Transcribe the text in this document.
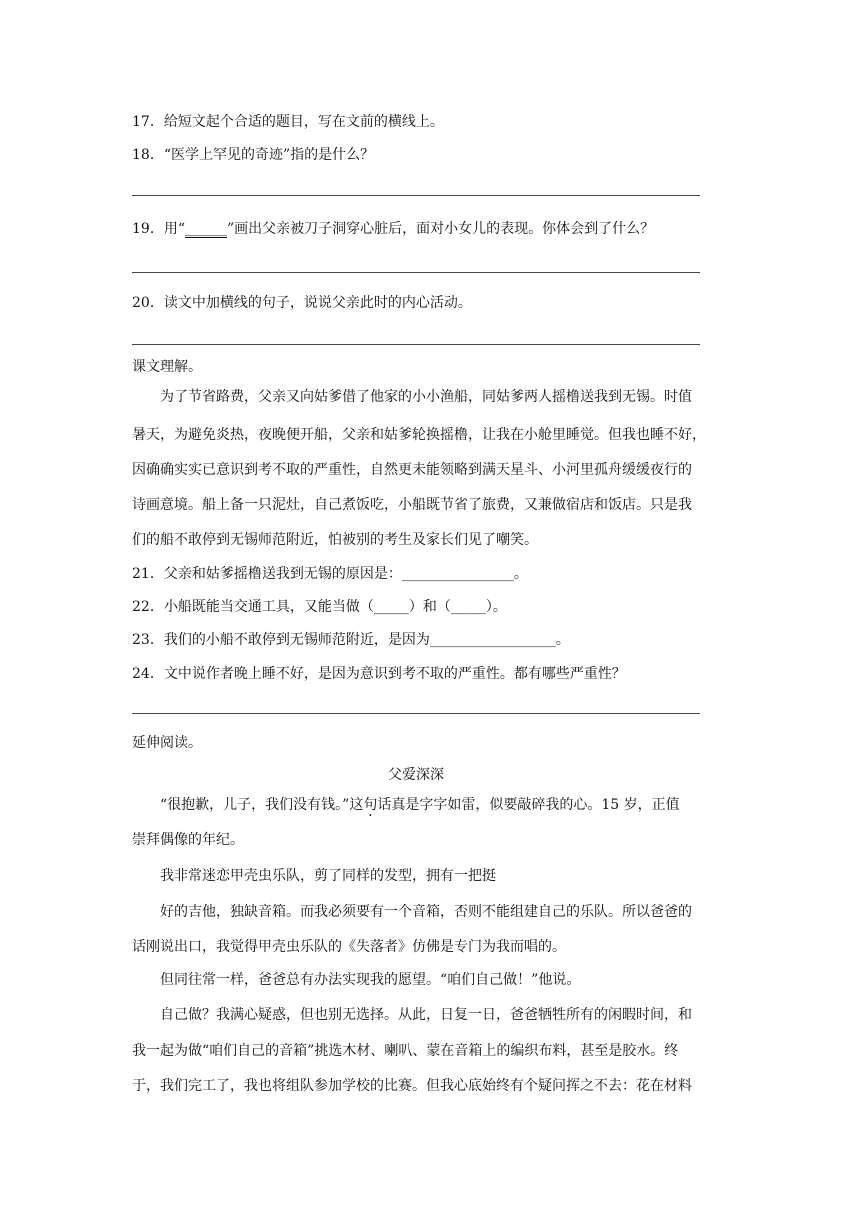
17．给短文起个合适的题目，写在文前的横线上。
18．“医学上罕见的奇迹”指的是什么？
19．用“______”画出父亲被刀子洞穿心脏后，面对小女儿的表现。你体会到了什么？
20．读文中加横线的句子，说说父亲此时的内心活动。
课文理解。
为了节省路费，父亲又向姑爹借了他家的小小渔船，同姑爹两人摇橹送我到无锡。时值
暑天，为避免炎热，夜晚便开船，父亲和姑爹轮换摇橹，让我在小舱里睡觉。但我也睡不好，
因确确实实已意识到考不取的严重性，自然更未能领略到满天星斗、小河里孤舟缓缓夜行的
诗画意境。船上备一只泥灶，自己煮饭吃，小船既节省了旅费，又兼做宿店和饭店。只是我
们的船不敢停到无锡师范附近，怕被别的考生及家长们见了嘲笑。
21．父亲和姑爹摇橹送我到无锡的原因是：________________。
22．小船既能当交通工具，又能当做（_____）和（_____）。
23．我们的小船不敢停到无锡师范附近，是因为__________________。
24．文中说作者晚上睡不好，是因为意识到考不取的严重性。都有哪些严重性？
延伸阅读。
父爱深深
“很抱歉，儿子，我们没有钱。”这句话真是字字如雷，似要敲碎我的心。15 岁，正值
崇拜偶像的年纪。
我非常迷恋甲壳虫乐队，剪了同样的发型，拥有一把挺
好的吉他，独缺音箱。而我必须要有一个音箱，否则不能组建自己的乐队。所以爸爸的
话刚说出口，我觉得甲壳虫乐队的《失落者》仿佛是专门为我而唱的。
但同往常一样，爸爸总有办法实现我的愿望。“咱们自己做！”他说。
自己做？我满心疑惑，但也别无选择。从此，日复一日，爸爸牺牲所有的闲暇时间，和
我一起为做“咱们自己的音箱”挑选木材、喇叭、蒙在音箱上的编织布料，甚至是胶水。终
于，我们完工了，我也将组队参加学校的比赛。但我心底始终有个疑问挥之不去：花在材料
